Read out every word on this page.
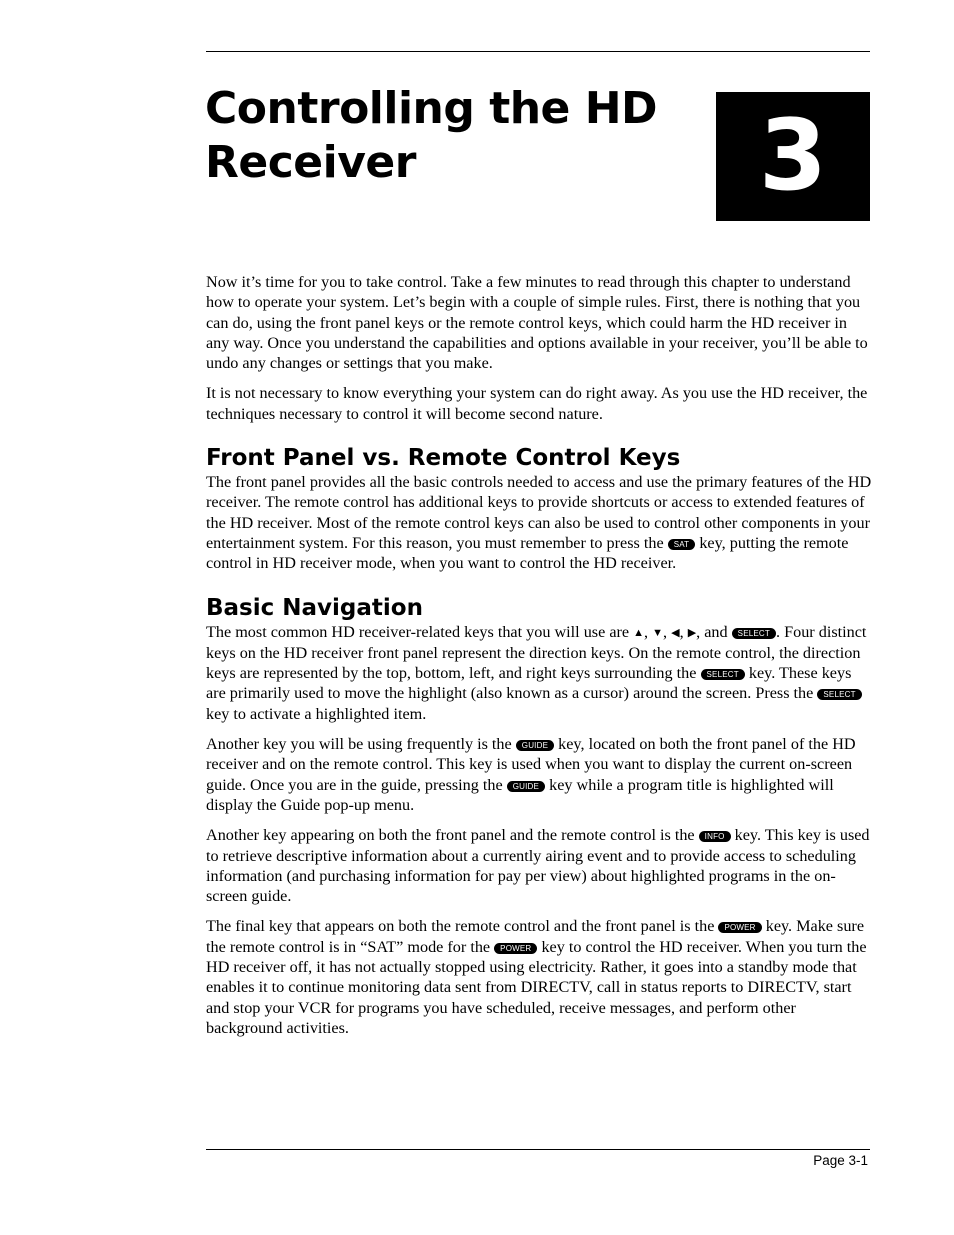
Controlling the HD
Receiver	3

Now it’s time for you to take control. Take a few minutes to read through this chapter to understand how to operate your system. Let’s begin with a couple of simple rules. First, there is nothing that you can do, using the front panel keys or the remote control keys, which could harm the HD receiver in any way. Once you understand the capabilities and options available in your receiver, you’ll be able to undo any changes or settings that you make.

It is not necessary to know everything your system can do right away. As you use the HD receiver, the techniques necessary to control it will become second nature.

Front Panel vs. Remote Control Keys

The front panel provides all the basic controls needed to access and use the primary features of the HD receiver. The remote control has additional keys to provide shortcuts or access to extended features of the HD receiver. Most of the remote control keys can also be used to control other components in your entertainment system. For this reason, you must remember to press the SAT key, putting the remote control in HD receiver mode, when you want to control the HD receiver.

Basic Navigation

The most common HD receiver-related keys that you will use are ▲, ▼, ◀, ▶, and SELECT . Four distinct keys on the HD receiver front panel represent the direction keys. On the remote control, the direction keys are represented by the top, bottom, left, and right keys surrounding the SELECT key. These keys are primarily used to move the highlight (also known as a cursor) around the screen. Press the SELECT key to activate a highlighted item.

Another key you will be using frequently is the GUIDE key, located on both the front panel of the HD receiver and on the remote control. This key is used when you want to display the current on-screen guide. Once you are in the guide, pressing the GUIDE key while a program title is highlighted will display the Guide pop-up menu.

Another key appearing on both the front panel and the remote control is the INFO key. This key is used to retrieve descriptive information about a currently airing event and to provide access to scheduling information (and purchasing information for pay per view) about highlighted programs in the on-screen guide.

The final key that appears on both the remote control and the front panel is the POWER key. Make sure the remote control is in “SAT” mode for the POWER key to control the HD receiver. When you turn the HD receiver off, it has not actually stopped using electricity. Rather, it goes into a standby mode that enables it to continue monitoring data sent from DIRECTV, call in status reports to DIRECTV, start and stop your VCR for programs you have scheduled, receive messages, and perform other background activities.

Page 3-1
